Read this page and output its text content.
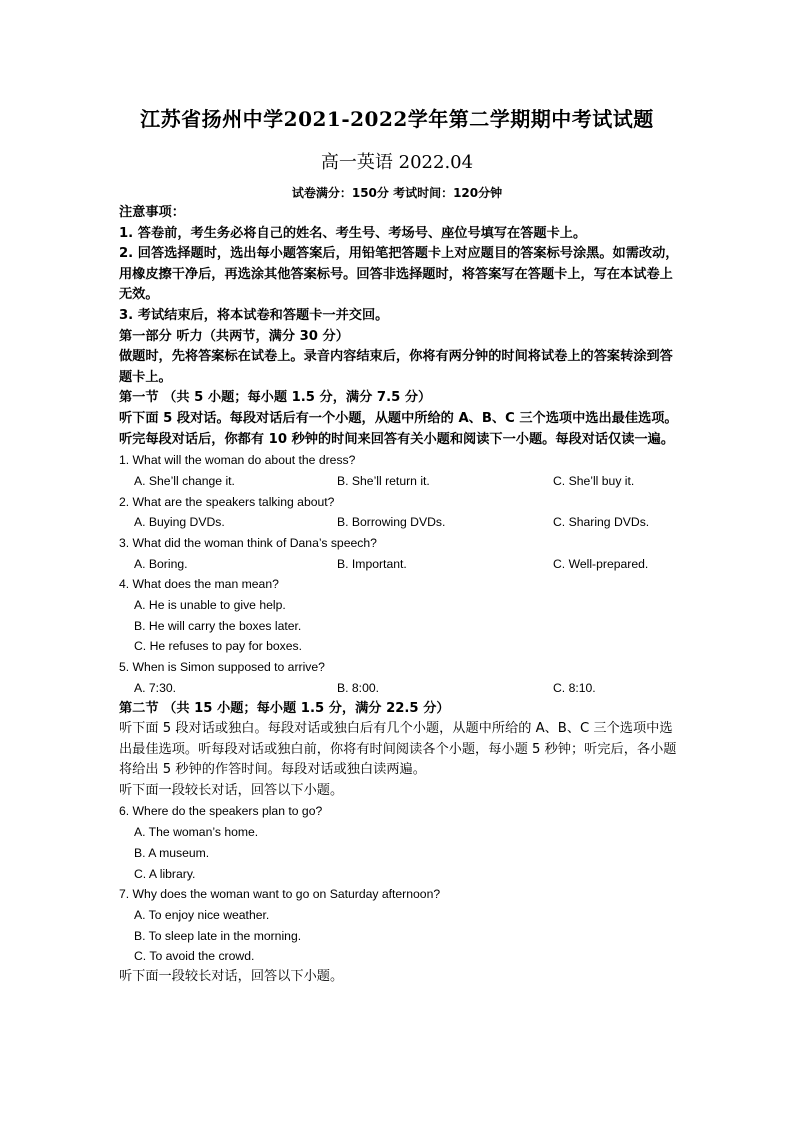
江苏省扬州中学2021-2022学年第二学期期中考试试题
高一英语 2022.04
试卷满分：150分 考试时间：120分钟
注意事项：
1. 答卷前，考生务必将自己的姓名、考生号、考场号、座位号填写在答题卡上。
2. 回答选择题时，选出每小题答案后，用铅笔把答题卡上对应题目的答案标号涂黑。如需改动，用橡皮擦干净后，再选涂其他答案标号。回答非选择题时，将答案写在答题卡上，写在本试卷上无效。
3. 考试结束后，将本试卷和答题卡一并交回。
第一部分 听力（共两节，满分 30 分）
做题时，先将答案标在试卷上。录音内容结束后，你将有两分钟的时间将试卷上的答案转涂到答题卡上。
第一节 （共 5 小题；每小题 1.5 分，满分 7.5 分）
听下面 5 段对话。每段对话后有一个小题，从题中所给的 A、B、C 三个选项中选出最佳选项。听完每段对话后，你都有 10 秒钟的时间来回答有关小题和阅读下一小题。每段对话仅读一遍。
1. What will the woman do about the dress?
A. She’ll change it.	B. She’ll return it.	C. She’ll buy it.
2. What are the speakers talking about?
A. Buying DVDs.	B. Borrowing DVDs.	C. Sharing DVDs.
3. What did the woman think of Dana’s speech?
A. Boring.	B. Important.	C. Well-prepared.
4. What does the man mean?
A. He is unable to give help.
B. He will carry the boxes later.
C. He refuses to pay for boxes.
5. When is Simon supposed to arrive?
A. 7:30.	B. 8:00.	C. 8:10.
第二节 （共 15 小题；每小题 1.5 分，满分 22.5 分）
听下面 5 段对话或独白。每段对话或独白后有几个小题，从题中所给的 A、B、C 三个选项中选出最佳选项。听每段对话或独白前，你将有时间阅读各个小题，每小题 5 秒钟；听完后，各小题将给出 5 秒钟的作答时间。每段对话或独白读两遍。
听下面一段较长对话，回答以下小题。
6. Where do the speakers plan to go?
A. The woman’s home.
B. A museum.
C. A library.
7. Why does the woman want to go on Saturday afternoon?
A. To enjoy nice weather.
B. To sleep late in the morning.
C. To avoid the crowd.
听下面一段较长对话，回答以下小题。
